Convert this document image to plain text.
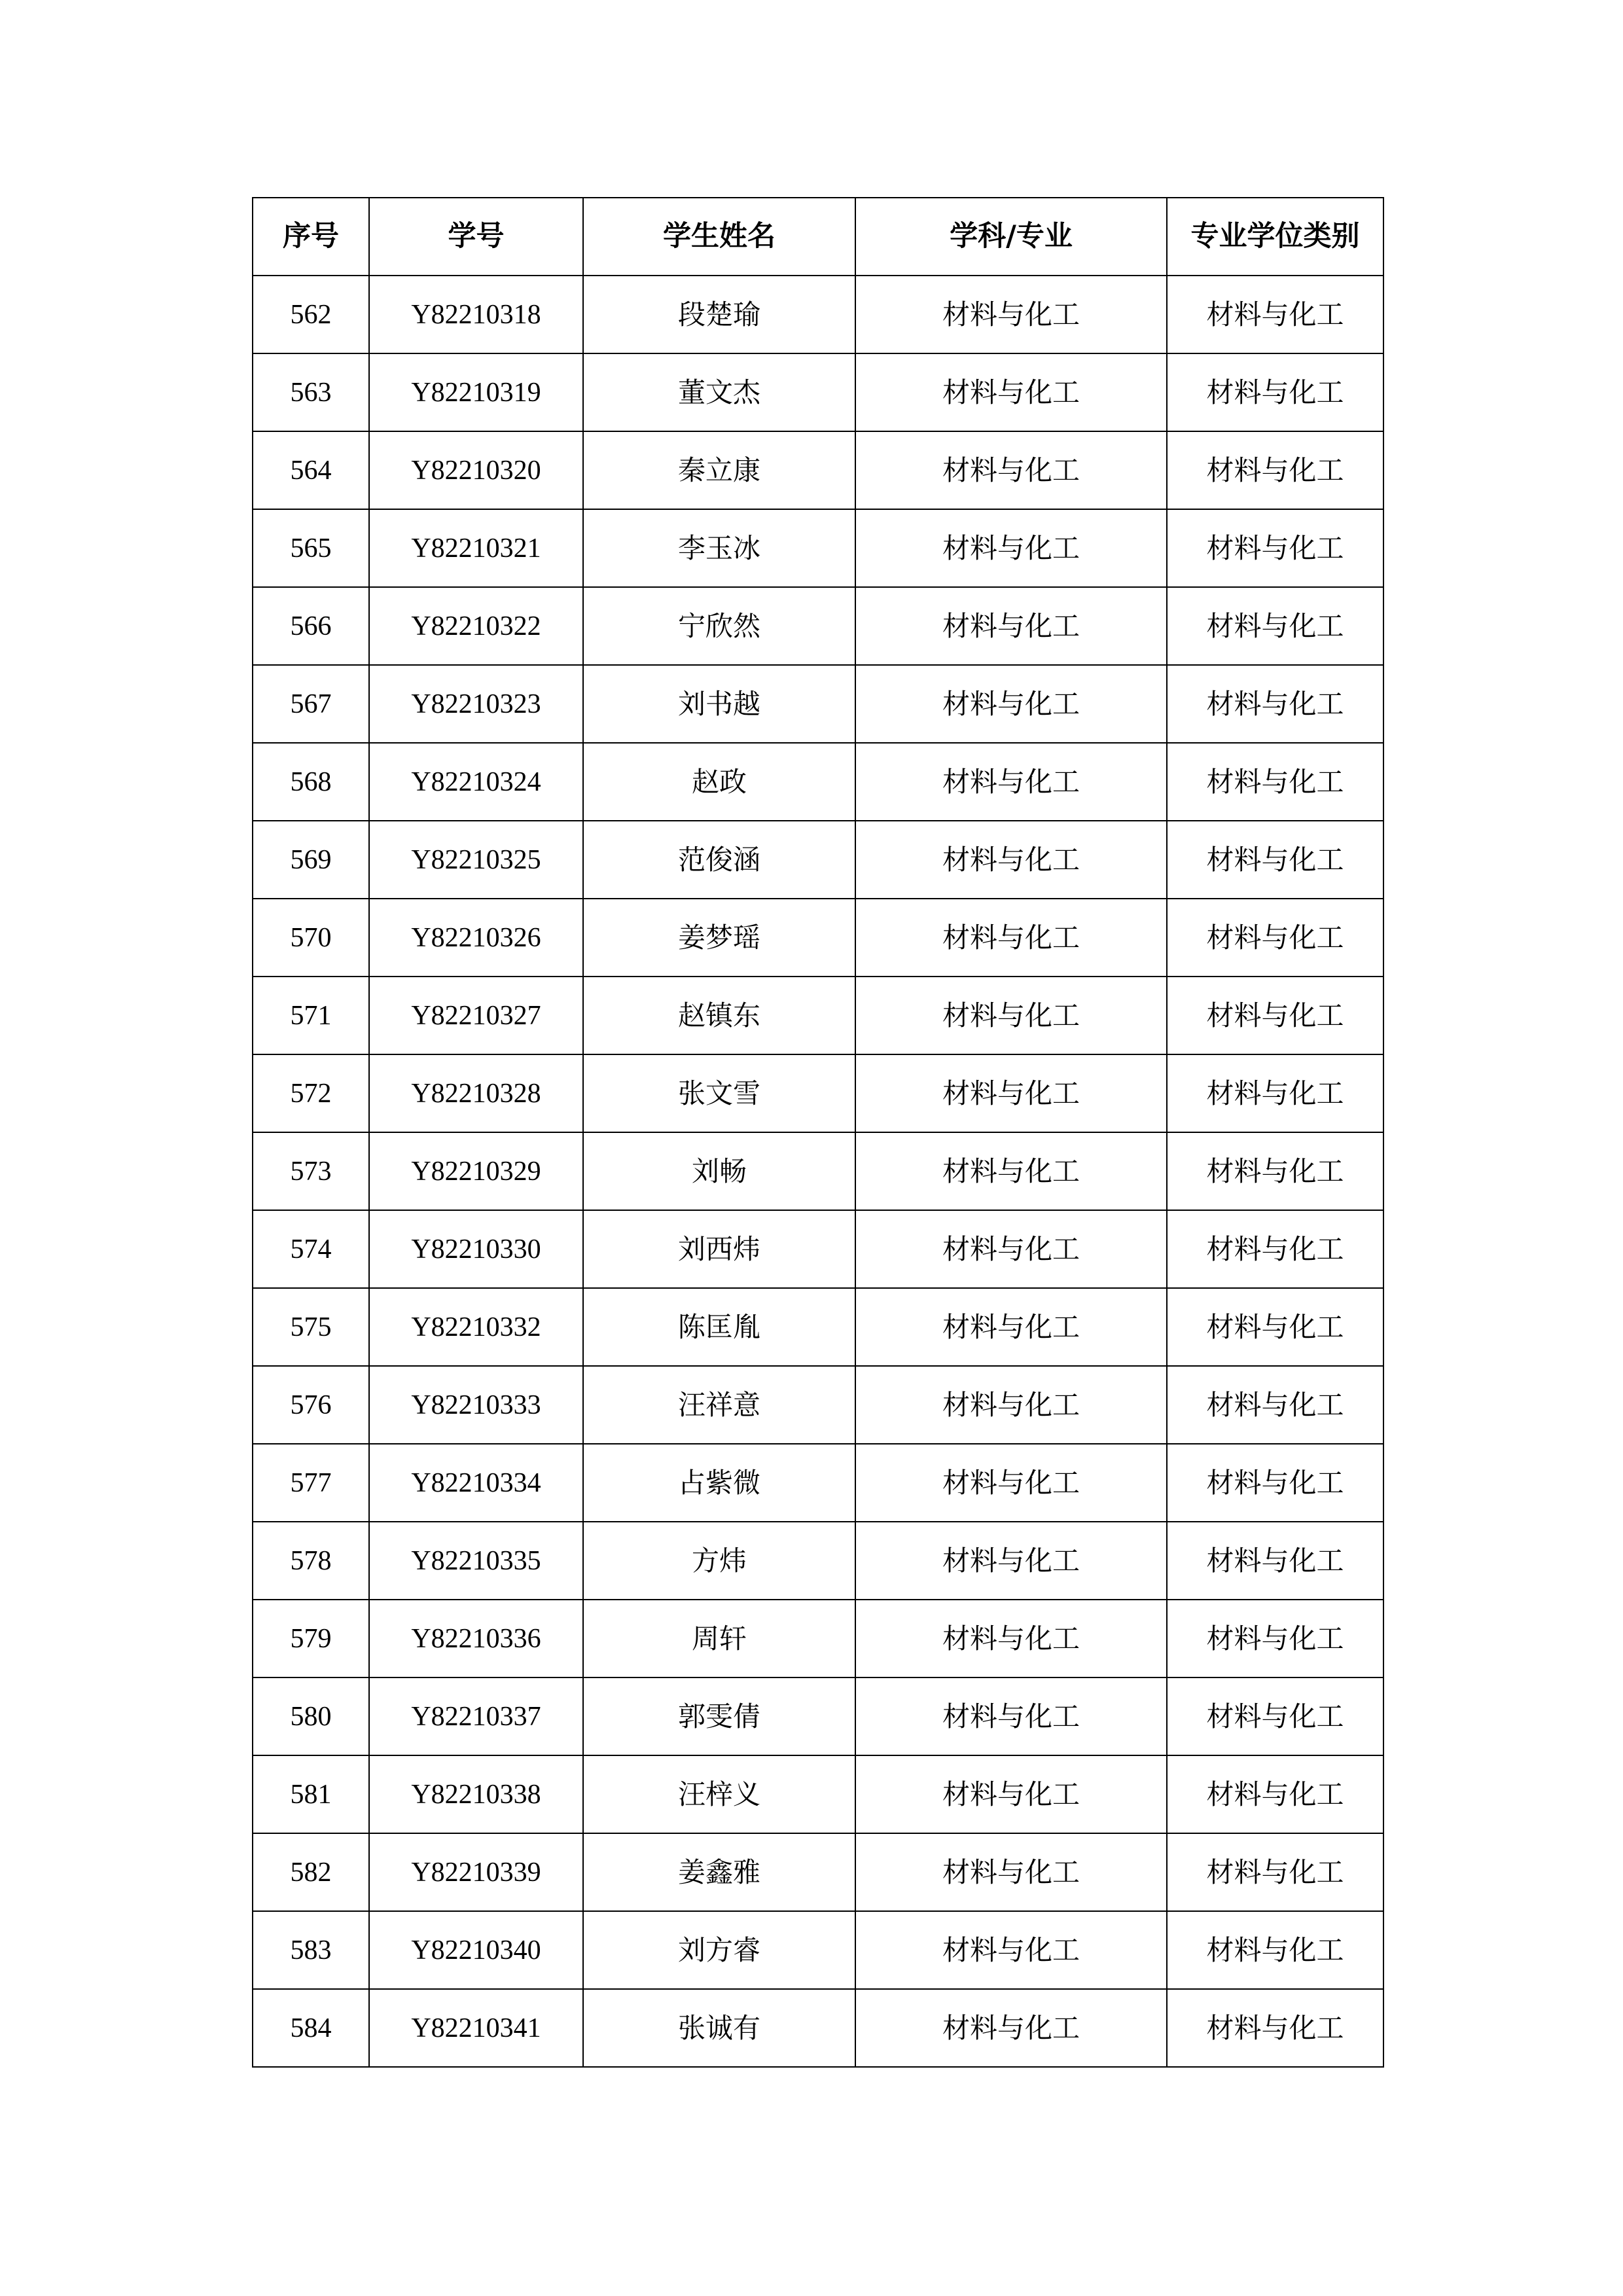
序号	学号	学生姓名	学科/专业	专业学位类别
562	Y82210318	段楚瑜	材料与化工	材料与化工
563	Y82210319	董文杰	材料与化工	材料与化工
564	Y82210320	秦立康	材料与化工	材料与化工
565	Y82210321	李玉冰	材料与化工	材料与化工
566	Y82210322	宁欣然	材料与化工	材料与化工
567	Y82210323	刘书越	材料与化工	材料与化工
568	Y82210324	赵政	材料与化工	材料与化工
569	Y82210325	范俊涵	材料与化工	材料与化工
570	Y82210326	姜梦瑶	材料与化工	材料与化工
571	Y82210327	赵镇东	材料与化工	材料与化工
572	Y82210328	张文雪	材料与化工	材料与化工
573	Y82210329	刘畅	材料与化工	材料与化工
574	Y82210330	刘西炜	材料与化工	材料与化工
575	Y82210332	陈匡胤	材料与化工	材料与化工
576	Y82210333	汪祥意	材料与化工	材料与化工
577	Y82210334	占紫微	材料与化工	材料与化工
578	Y82210335	方炜	材料与化工	材料与化工
579	Y82210336	周轩	材料与化工	材料与化工
580	Y82210337	郭雯倩	材料与化工	材料与化工
581	Y82210338	汪梓义	材料与化工	材料与化工
582	Y82210339	姜鑫雅	材料与化工	材料与化工
583	Y82210340	刘方睿	材料与化工	材料与化工
584	Y82210341	张诚有	材料与化工	材料与化工
